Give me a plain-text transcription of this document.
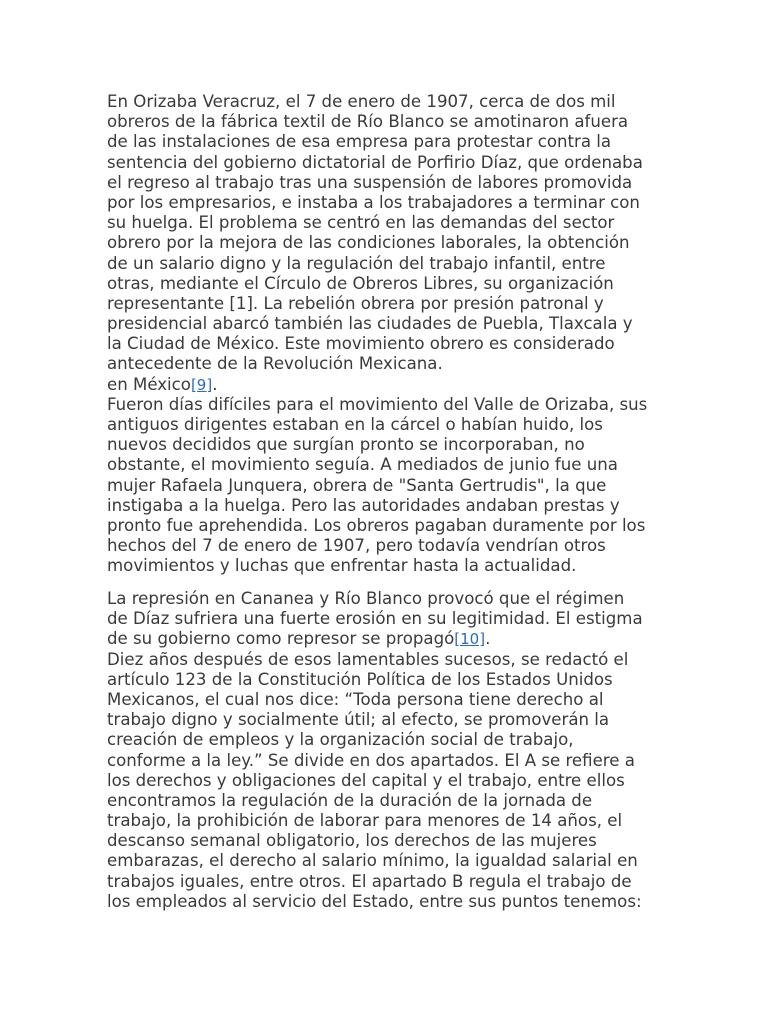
En Orizaba Veracruz, el 7 de enero de 1907, cerca de dos mil
obreros de la fábrica textil de Río Blanco se amotinaron afuera
de las instalaciones de esa empresa para protestar contra la
sentencia del gobierno dictatorial de Porfirio Díaz, que ordenaba
el regreso al trabajo tras una suspensión de labores promovida
por los empresarios, e instaba a los trabajadores a terminar con
su huelga. El problema se centró en las demandas del sector
obrero por la mejora de las condiciones laborales, la obtención
de un salario digno y la regulación del trabajo infantil, entre
otras, mediante el Círculo de Obreros Libres, su organización
representante [1]. La rebelión obrera por presión patronal y
presidencial abarcó también las ciudades de Puebla, Tlaxcala y
la Ciudad de México. Este movimiento obrero es considerado
antecedente de la Revolución Mexicana.
en México[9].
Fueron días difíciles para el movimiento del Valle de Orizaba, sus
antiguos dirigentes estaban en la cárcel o habían huido, los
nuevos decididos que surgían pronto se incorporaban, no
obstante, el movimiento seguía. A mediados de junio fue una
mujer Rafaela Junquera, obrera de "Santa Gertrudis", la que
instigaba a la huelga. Pero las autoridades andaban prestas y
pronto fue aprehendida. Los obreros pagaban duramente por los
hechos del 7 de enero de 1907, pero todavía vendrían otros
movimientos y luchas que enfrentar hasta la actualidad.
La represión en Cananea y Río Blanco provocó que el régimen
de Díaz sufriera una fuerte erosión en su legitimidad. El estigma
de su gobierno como represor se propagó[10].
Diez años después de esos lamentables sucesos, se redactó el
artículo 123 de la Constitución Política de los Estados Unidos
Mexicanos, el cual nos dice: “Toda persona tiene derecho al
trabajo digno y socialmente útil; al efecto, se promoverán la
creación de empleos y la organización social de trabajo,
conforme a la ley.” Se divide en dos apartados. El A se refiere a
los derechos y obligaciones del capital y el trabajo, entre ellos
encontramos la regulación de la duración de la jornada de
trabajo, la prohibición de laborar para menores de 14 años, el
descanso semanal obligatorio, los derechos de las mujeres
embarazas, el derecho al salario mínimo, la igualdad salarial en
trabajos iguales, entre otros. El apartado B regula el trabajo de
los empleados al servicio del Estado, entre sus puntos tenemos:
